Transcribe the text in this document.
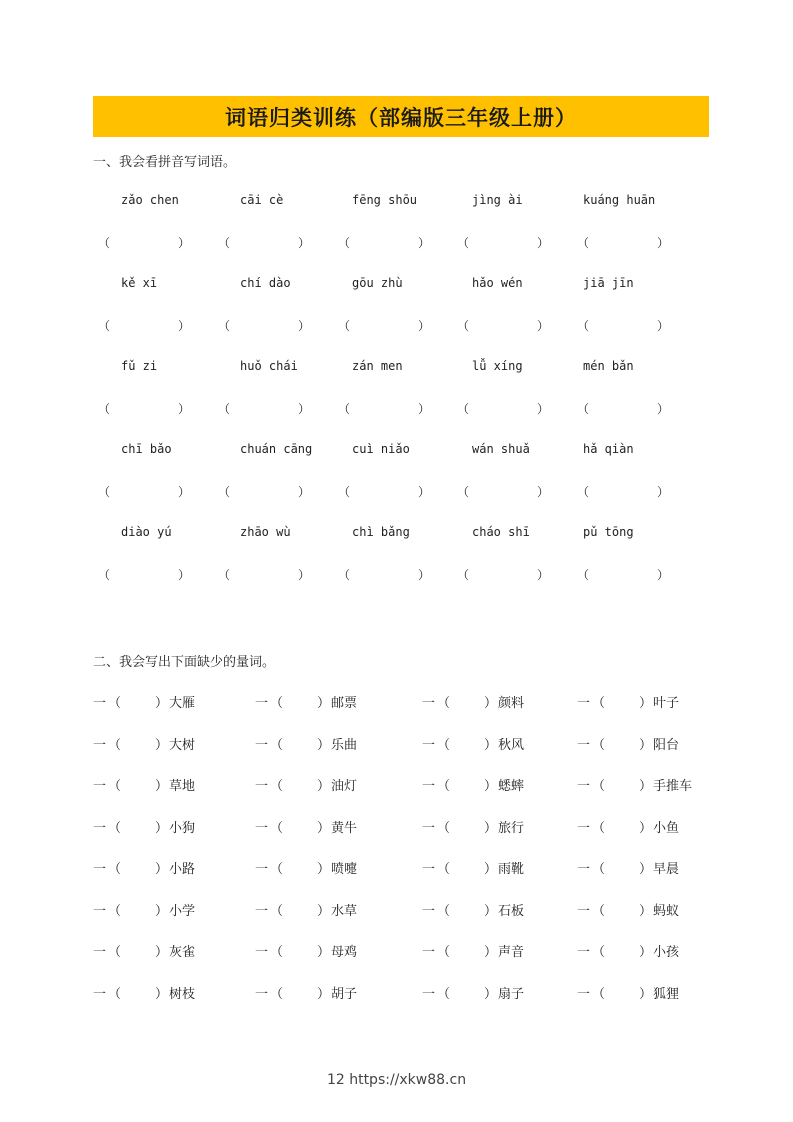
词语归类训练（部编版三年级上册）
一、我会看拼音写词语。
zǎo chen	cāi cè	fēng shōu	jìng ài	kuáng huān
（	） （	） （	） （	） （	）
kě xī	chí dào	gōu zhù	hǎo wén	jiā jīn
（	） （	） （	） （	） （	）
fǔ zi	huǒ chái	zán men	lǚ xíng	mén bǎn
（	） （	） （	） （	） （	）
chī bǎo	chuán cāng	cuì niǎo	wán shuǎ	hǎ qiàn
（	） （	） （	） （	） （	）
diào yú	zhāo wù	chì bǎng	cháo shī	pǔ tōng
（	） （	） （	） （	） （	）
二、我会写出下面缺少的量词。
一 （	） 大雁	一 （	） 邮票	一 （	） 颜料	一 （	） 叶子
一 （	） 大树	一 （	） 乐曲	一 （	） 秋风	一 （	） 阳台
一 （	） 草地	一 （	） 油灯	一 （	） 蟋蟀	一 （	） 手推车
一 （	） 小狗	一 （	） 黄牛	一 （	） 旅行	一 （	） 小鱼
一 （	） 小路	一 （	） 喷嚏	一 （	） 雨靴	一 （	） 早晨
一 （	） 小学	一 （	） 水草	一 （	） 石板	一 （	） 蚂蚁
一 （	） 灰雀	一 （	） 母鸡	一 （	） 声音	一 （	） 小孩
一 （	） 树枝	一 （	） 胡子	一 （	） 扇子	一 （	） 狐狸
12 https://xkw88.cn
